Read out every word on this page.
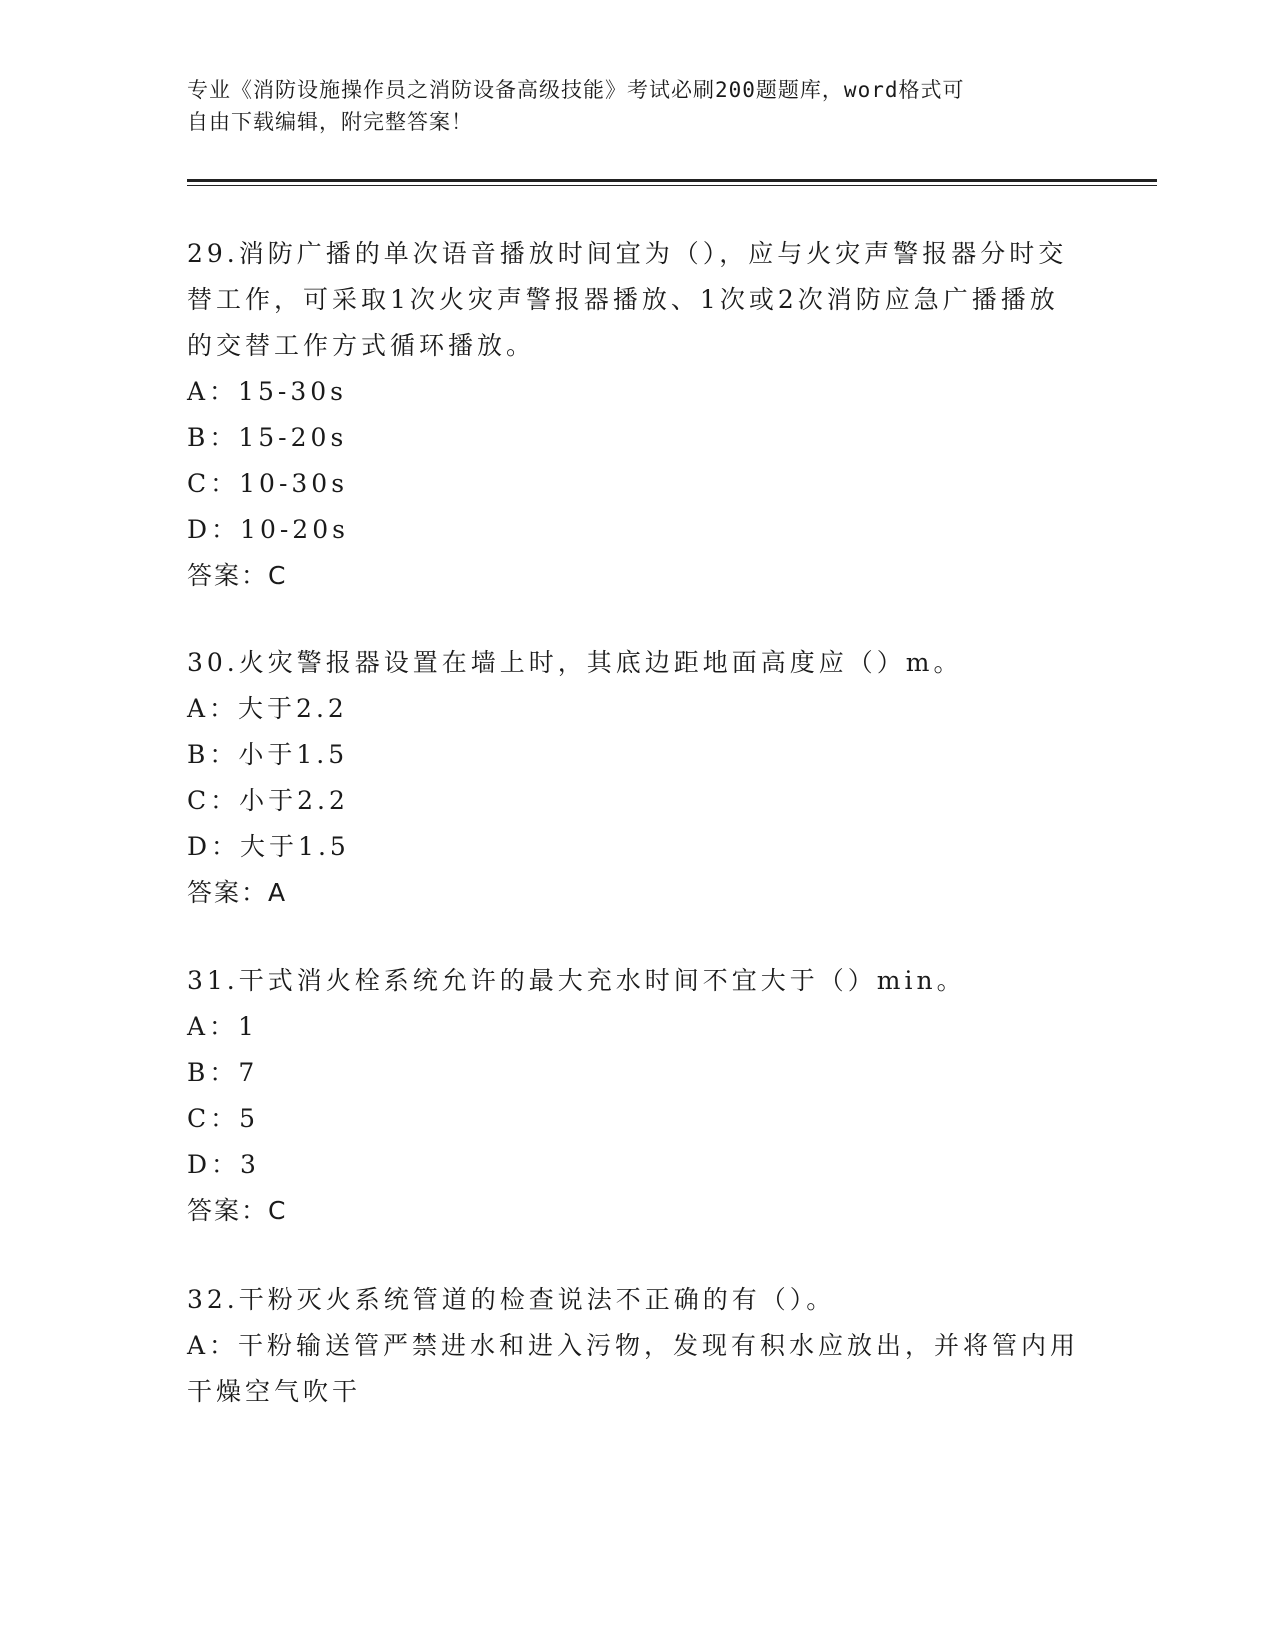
专业《消防设施操作员之消防设备高级技能》考试必刷200题题库，word格式可
自由下载编辑，附完整答案！
29.消防广播的单次语音播放时间宜为（），应与火灾声警报器分时交替工作，可采取1次火灾声警报器播放、1次或2次消防应急广播播放的交替工作方式循环播放。
A：15-30s
B：15-20s
C：10-30s
D：10-20s
答案：C
30.火灾警报器设置在墙上时，其底边距地面高度应（）m。
A：大于2.2
B：小于1.5
C：小于2.2
D：大于1.5
答案：A
31.干式消火栓系统允许的最大充水时间不宜大于（）min。
A：1
B：7
C：5
D：3
答案：C
32.干粉灭火系统管道的检查说法不正确的有（）。
A：干粉输送管严禁进水和进入污物，发现有积水应放出，并将管内用干燥空气吹干
